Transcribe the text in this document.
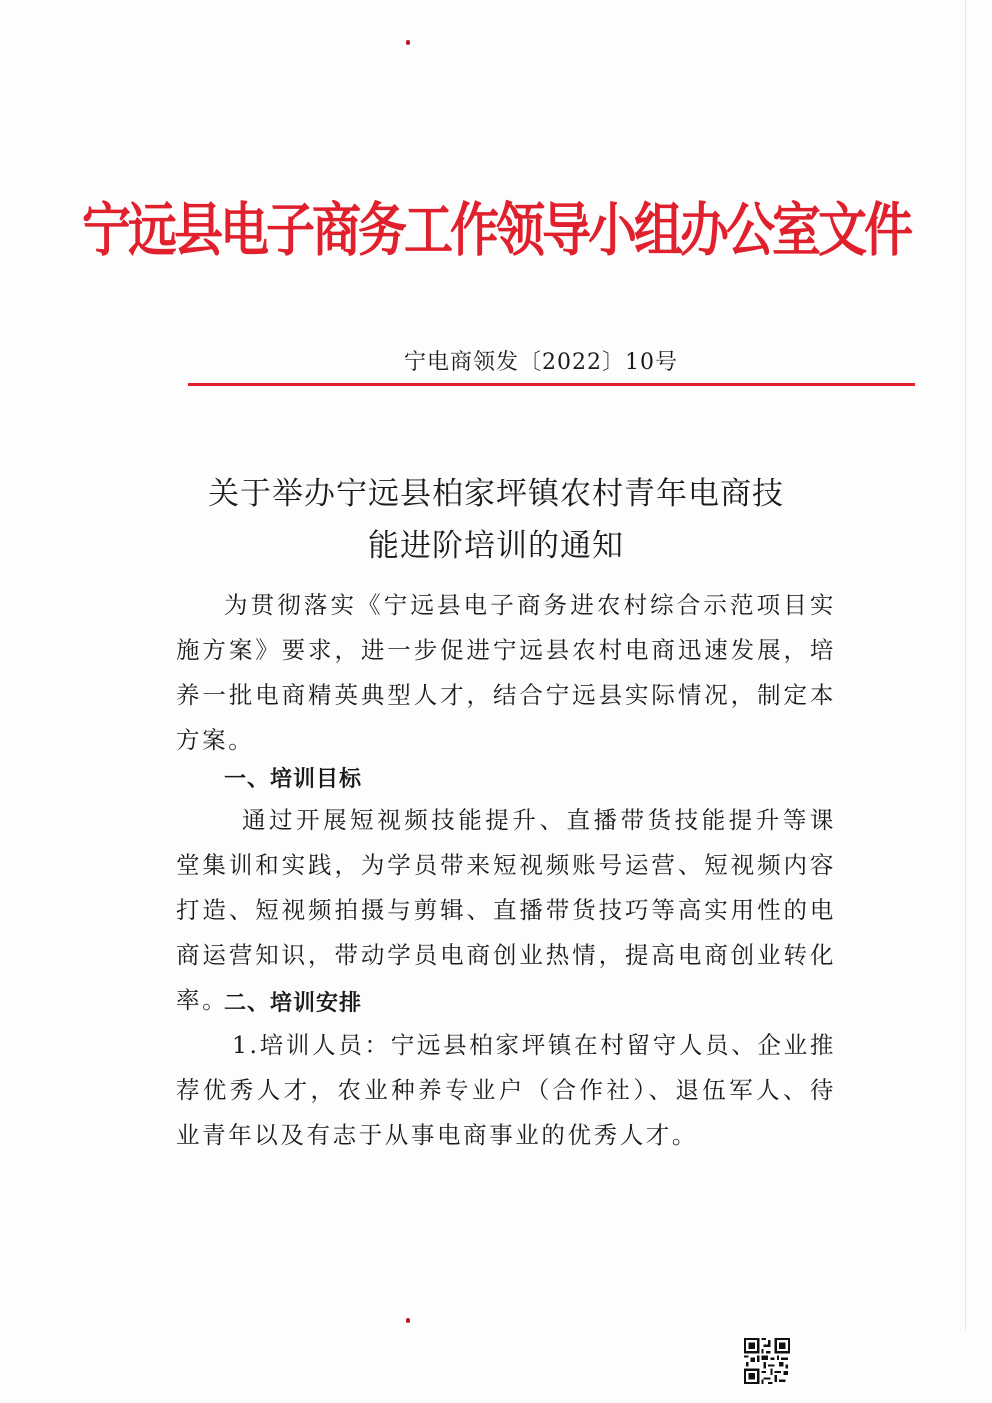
宁远县电子商务工作领导小组办公室文件
宁电商领发〔2022〕10号
关于举办宁远县柏家坪镇农村青年电商技
能进阶培训的通知
为贯彻落实《宁远县电子商务进农村综合示范项目实施方案》要求，进一步促进宁远县农村电商迅速发展，培养一批电商精英典型人才，结合宁远县实际情况，制定本方案。
一、培训目标
通过开展短视频技能提升、直播带货技能提升等课堂集训和实践，为学员带来短视频账号运营、短视频内容打造、短视频拍摄与剪辑、直播带货技巧等高实用性的电商运营知识，带动学员电商创业热情，提高电商创业转化率。
二、培训安排
1.培训人员：宁远县柏家坪镇在村留守人员、企业推荐优秀人才，农业种养专业户（合作社）、退伍军人、待业青年以及有志于从事电商事业的优秀人才。
